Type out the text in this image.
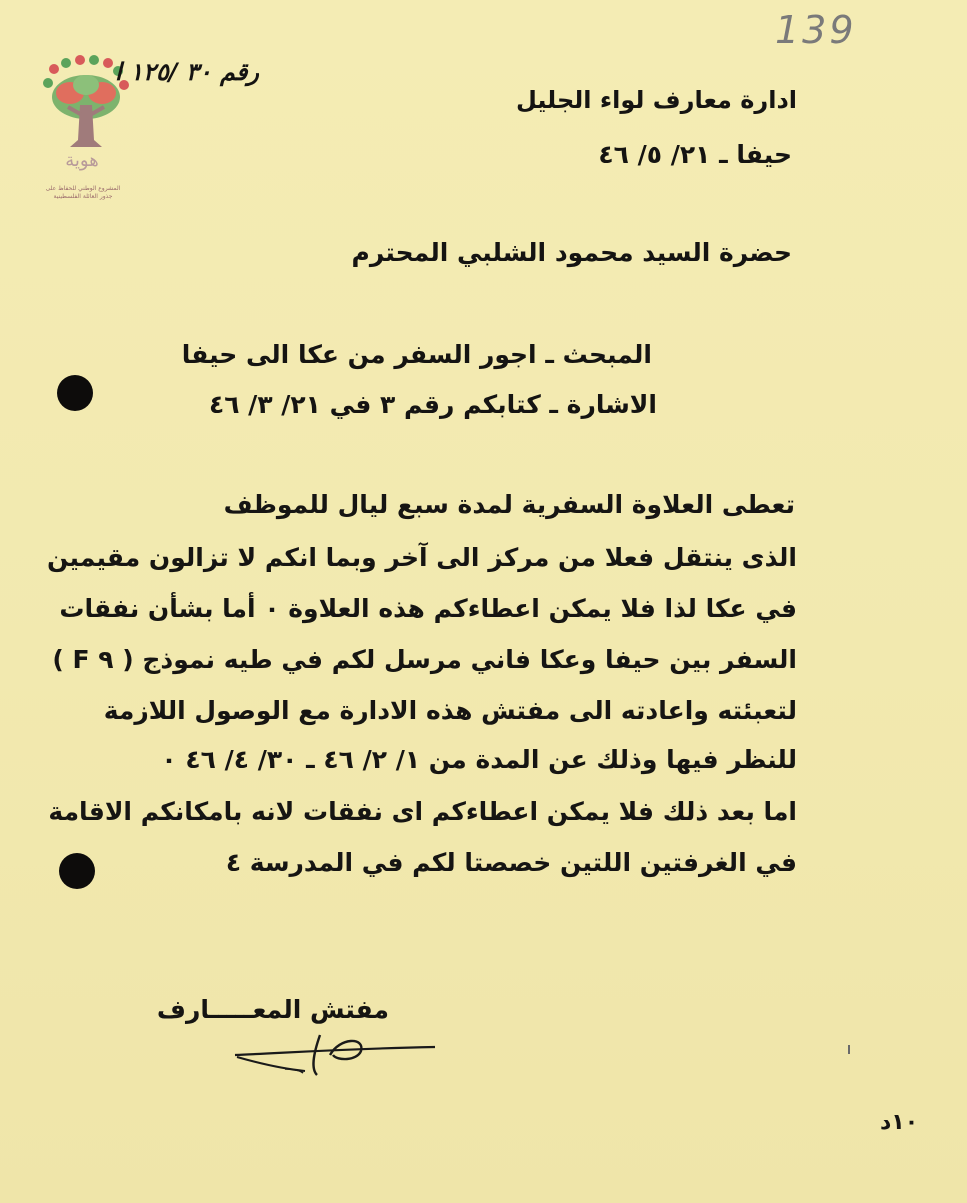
هوية
المشروع الوطني للحفاظ على
جذور العائلة الفلسطينية
139
رقم ٣٠ /١٢٥ ا
ادارة معارف لواء الجليل
حيفا ـ ٢١/ ٥/ ٤٦
حضرة السيد محمود الشلبي المحترم
المبحث ـ اجور السفر من عكا الى حيفا
الاشارة ـ كتابكم رقم ٣ في ٢١/ ٣/ ٤٦
تعطى العلاوة السفرية لمدة سبع ليال للموظف
الذى ينتقل فعلا من مركز الى آخر وبما انكم لا تزالون مقيمين
في عكا لذا فلا يمكن اعطاءكم هذه العلاوة ٠ أما بشأن نفقات
السفر بين حيفا وعكا فاني مرسل لكم في طيه نموذج ( ٩ F )
لتعبئته واعادته الى مفتش هذه الادارة مع الوصول اللازمة
للنظر فيها وذلك عن المدة من ١/ ٢/ ٤٦ ـ ٣٠/ ٤/ ٤٦ ٠
اما بعد ذلك فلا يمكن اعطاءكم اى نفقات لانه بامكانكم الاقامة
في الغرفتين اللتين خصصتا لكم في المدرسة ٤
مفتش المعـــــارف
١٠د
